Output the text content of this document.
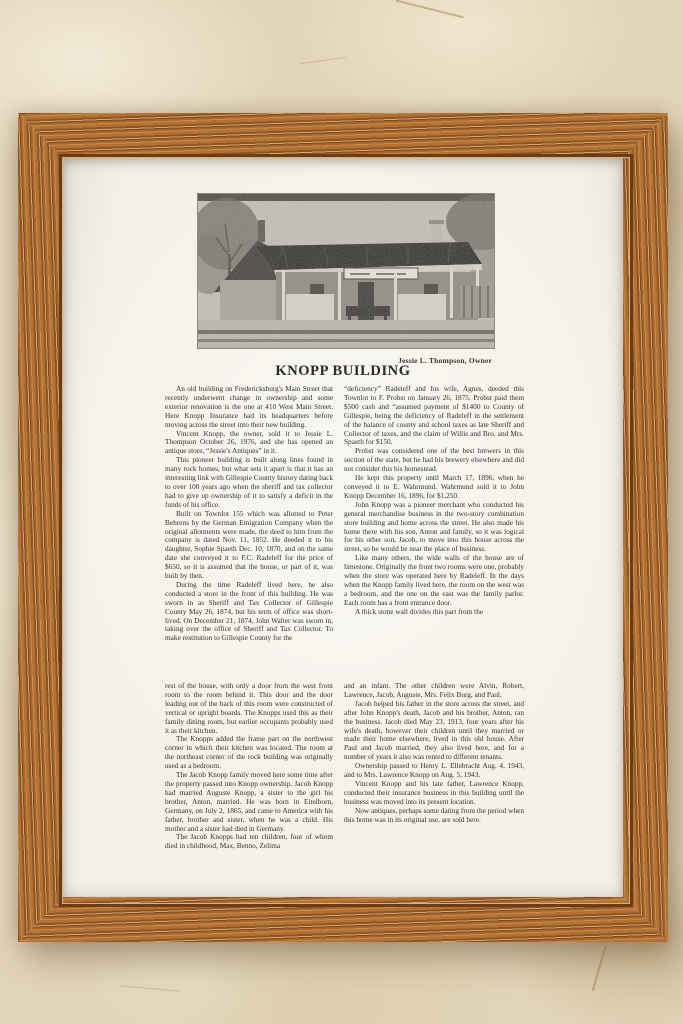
Jessie L. Thompson, Owner
KNOPP BUILDING

An old building on Fredericksburg's Main Street that recently underwent change in ownership and some exterior renovation is the one at 410 West Main Street. Here Knopp Insurance had its headquarters before moving across the street into their new building.

Vincent Knopp, the owner, sold it to Jessie L. Thompson October 26, 1976, and she has opened an antique store, “Jessie's Antiques” in it.

This pioneer building is built along lines found in many rock homes, but what sets it apart is that it has an interesting link with Gillespie County history dating back to over 100 years ago when the sheriff and tax collector had to give up ownership of it to satisfy a deficit in the funds of his office.

Built on Townlot 155 which was allotted to Peter Behrens by the German Emigration Company when the original allotments were made, the deed to him from the company is dated Nov. 11, 1852. He deeded it to his daughter, Sophie Spaeth Dec. 10, 1870, and on the same date she conveyed it to F.C. Radeleff for the price of $650, so it is assumed that the house, or part of it, was built by then.

During the time Radeleff lived here, he also conducted a store in the front of this building. He was sworn in as Sheriff and Tax Collector of Gillespie County May 26, 1874, but his term of office was short-lived. On December 21, 1874, John Walter was sworn in, taking over the office of Sheriff and Tax Collector. To make restitution to Gillespie County for the

rest of the house, with only a door from the west front room to the room behind it. This door and the door leading out of the back of this room were constructed of vertical or upright boards. The Knopps used this as their family dining room, but earlier occupants probably used it as their kitchen.

The Knopps added the frame part on the northwest corner in which their kitchen was located. The room at the northeast corner of the rock building was originally used as a bedroom.

The Jacob Knopp family moved here some time after the property passed into Knopp ownership. Jacob Knopp had married Auguste Knopp, a sister to the girl his brother, Anton, married. He was born in Eitelborn, Germany, on July 2, 1865, and came to America with his father, brother and sister, when he was a child. His mother and a sister had died in Germany.

The Jacob Knopps had ten children, four of whom died in childhood, Max, Benno, Zelima

“deficiency” Radeleff and his wife, Agnes, deeded this Townlot to F. Probst on January 26, 1875. Probst paid them $500 cash and “assumed payment of $1400 to County of Gillespie, being the deficiency of Radeleff in the settlement of the balance of county and school taxes as late Sheriff and Collector of taxes, and the claim of Willis and Bro. and Mrs. Spaeth for $150.

Probst was considered one of the best brewers in this section of the state, but he had his brewery elsewhere and did not consider this his homestead.

He kept this property until March 17, 1896, when he conveyed it to E. Wahrmund. Wahrmund sold it to John Knopp December 16, 1896, for $1,250.

John Knopp was a pioneer merchant who conducted his general merchandise business in the two-story combination store building and home across the street. He also made his home there with his son, Anton and family, so it was logical for his other son, Jacob, to move into this house across the street, so he would be near the place of business.

Like many others, the wide walls of the house are of limestone. Originally the front two rooms were one, probably when the store was operated here by Radeleff. In the days when the Knopp family lived here, the room on the west was a bedroom, and the one on the east was the family parlor. Each room has a front entrance door.

A thick stone wall divides this part from the

and an infant. The other children were Alvin, Robert, Lawrence, Jacob, Auguste, Mrs. Felix Burg, and Paul.

Jacob helped his father in the store across the street, and after John Knopp's death, Jacob and his brother, Anton, ran the business. Jacob died May 23, 1913, four years after his wife's death, however their children until they married or made their home elsewhere, lived in this old house. After Paul and Jacob married, they also lived here, and for a number of years it also was rented to different tenants.

Ownership passed to Henry L. Ellebracht Aug. 4, 1943, and to Mrs. Lawrence Knopp on Aug. 5, 1943.

Vincent Knopp and his late father, Lawrence Knopp, conducted their insurance business in this building until the business was moved into its present location.

Now antiques, perhaps some dating from the period when this home was in its original use, are sold here.
